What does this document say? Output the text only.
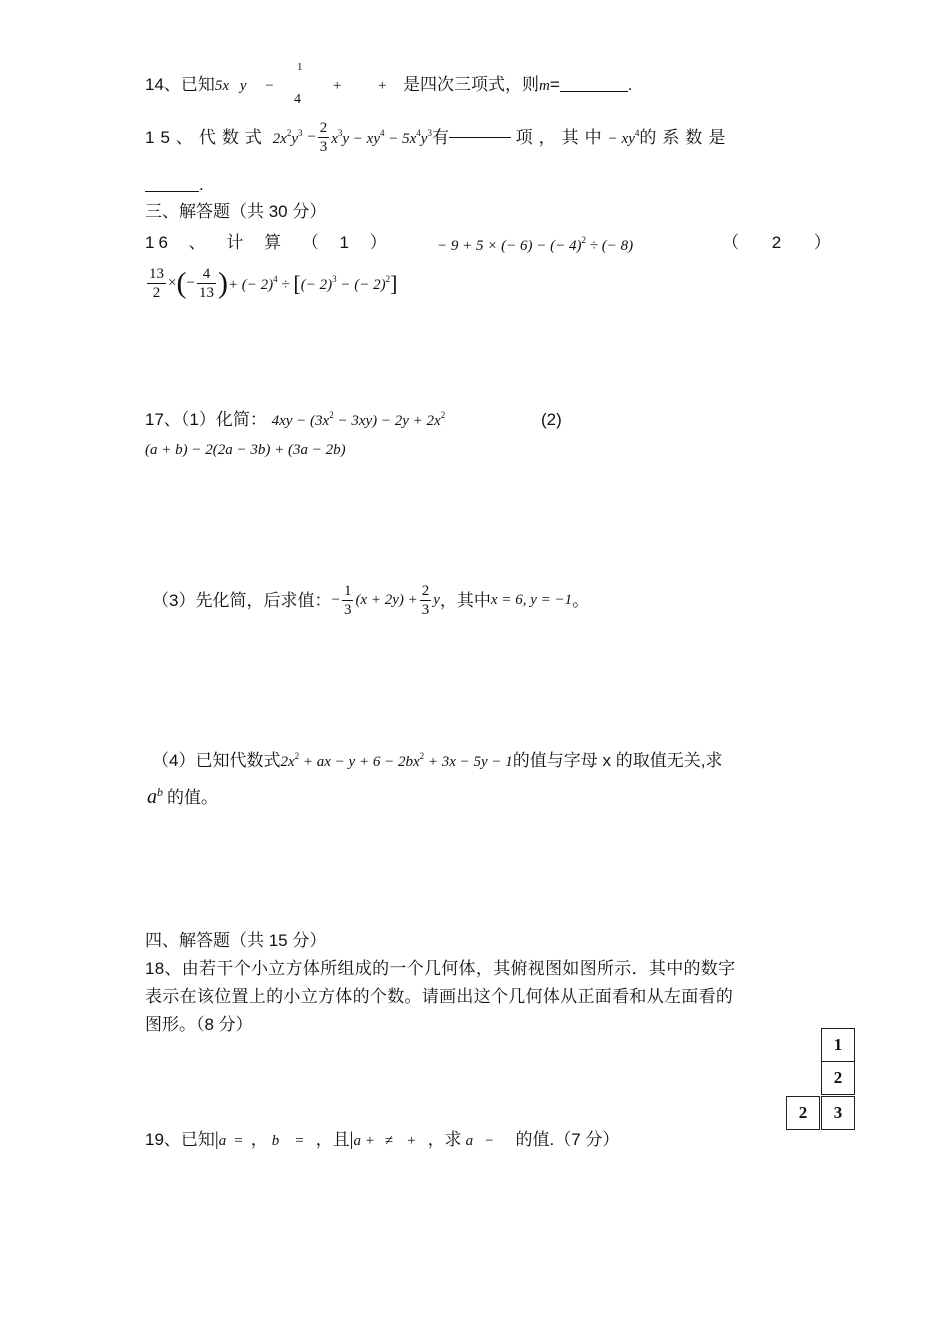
14、已知5x y −
1
4
+ + 是四次三项式，则m=	.
15、代数式 $2x^2y^3 - \frac{2}{3} x^3y - xy^4 - 5x^4y^3$有	项，其中− $xy^4$的系数是
.
三、解答题（共 30 分）
16 、 计 算 （ 1 ）	− 9 + 5 × (− 6) − (− 4)$^2$ ÷ (− 8)	（ 2 ）
$\frac{13}{2}$ ×(− $\frac{4}{13}$ )+ (− 2)$^4$ ÷ [(− 2)$^3$ − (− 2)$^2$]
17、（1）化简： $4xy - (3x^2 - 3xy) - 2y + 2x^2$	(2)
(a + b) − 2(2a − 3b) + (3a − 2b)
（3）先化简，后求值：− $\frac{1}{3} (x + 2y) + \frac{2}{3}$ y，其中x = 6, y = −1。
（4）已知代数式$2x^2$ + ax − $y + 6 - 2bx^2 + 3x - 5y - 1$的值与字母 x 的取值无关,求
$a^b$ 的值。
四、解答题（共 15 分）
18、由若干个小立方体所组成的一个几何体，其俯视图如图所示．其中的数字
表示在该位置上的小立方体的个数。请画出这个几何体从正面看和从左面看的
图形。（8 分）
1
2
2	3
19、已知|a = ， b = ，且|a + ≠ + ，求 a − 的值.（7 分）
